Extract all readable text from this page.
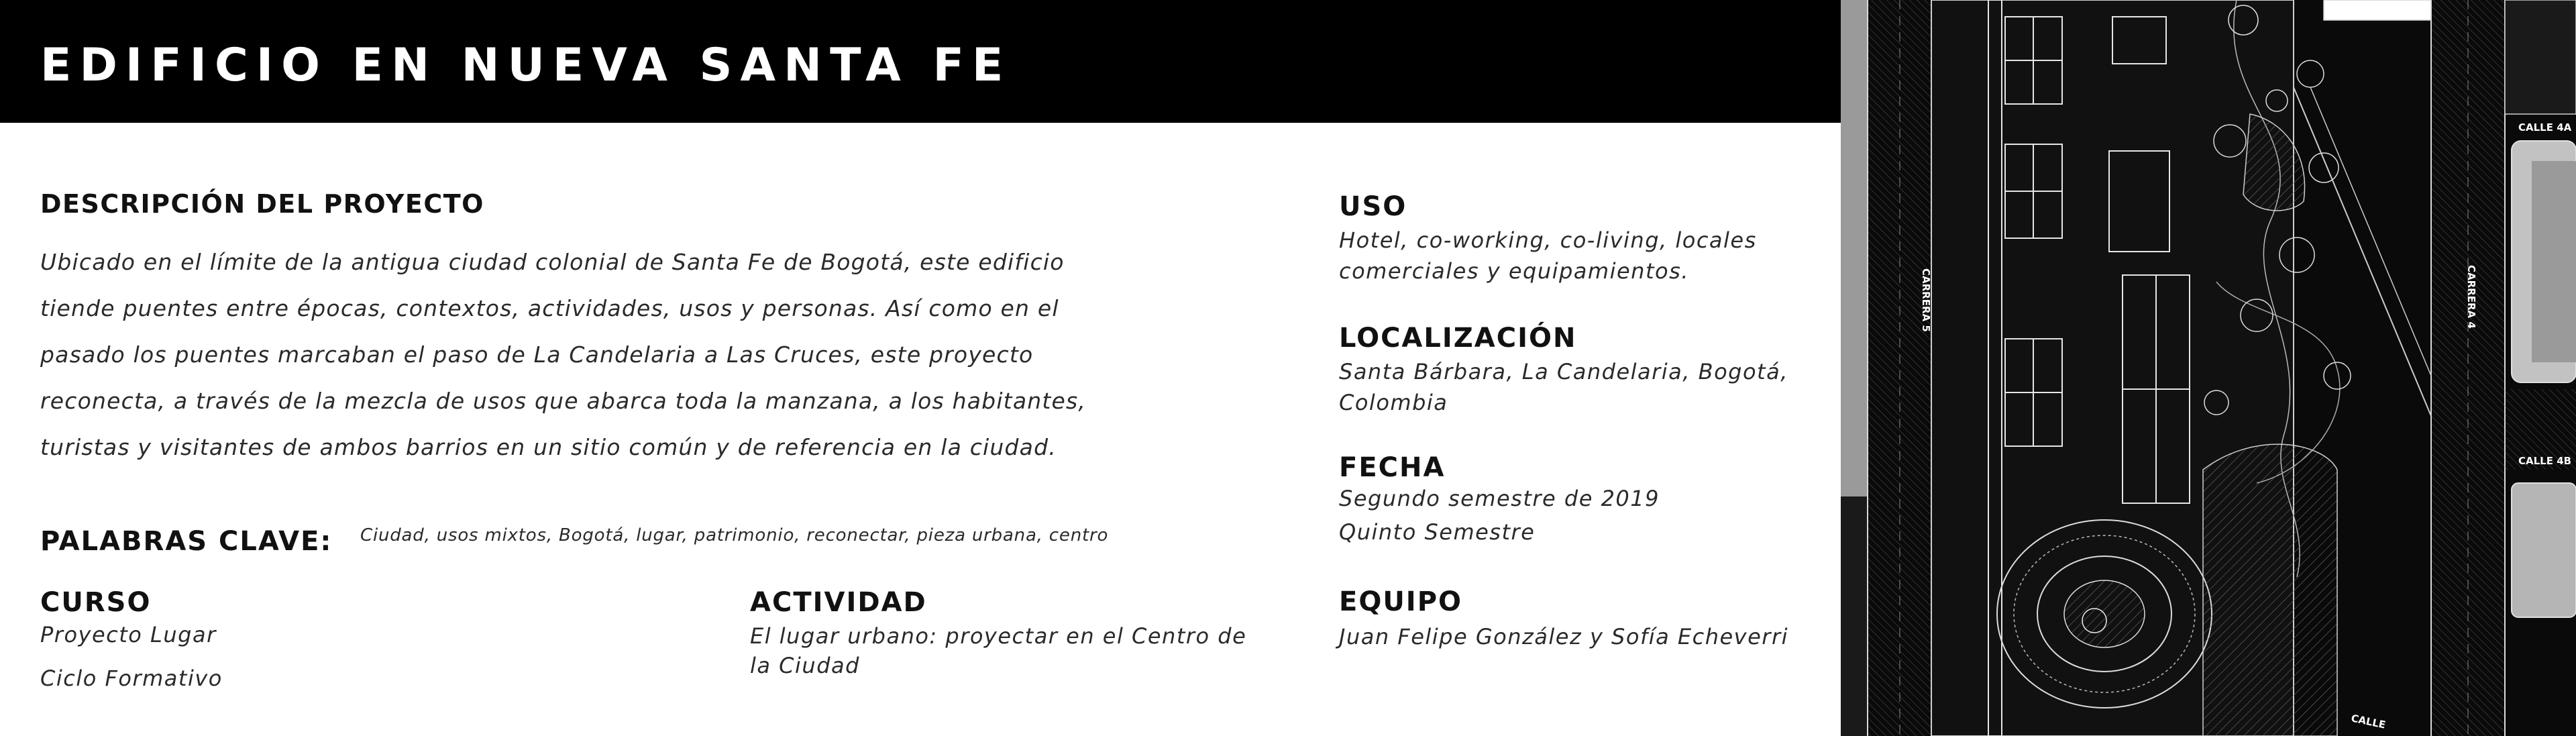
EDIFICIO EN NUEVA SANTA FE
DESCRIPCIÓN DEL PROYECTO
Ubicado en el límite de la antigua ciudad colonial de Santa Fe de Bogotá, este edificio
tiende puentes entre épocas, contextos, actividades, usos y personas. Así como en el
pasado los puentes marcaban el paso de La Candelaria a Las Cruces, este proyecto
reconecta, a través de la mezcla de usos que abarca toda la manzana, a los habitantes,
turistas y visitantes de ambos barrios en un sitio común y de referencia en la ciudad.
PALABRAS CLAVE: Ciudad, usos mixtos, Bogotá, lugar, patrimonio, reconectar, pieza urbana, centro
CURSO
Proyecto Lugar
Ciclo Formativo
ACTIVIDAD
El lugar urbano: proyectar en el Centro de la Ciudad
USO
Hotel, co-working, co-living, locales comerciales y equipamientos.
LOCALIZACIÓN
Santa Bárbara, La Candelaria, Bogotá, Colombia
FECHA
Segundo semestre de 2019
Quinto Semestre
EQUIPO
Juan Felipe González y Sofía Echeverri
CALLE 4A
CALLE 4B
CARRERA 5	CARRERA 4
CALLE
